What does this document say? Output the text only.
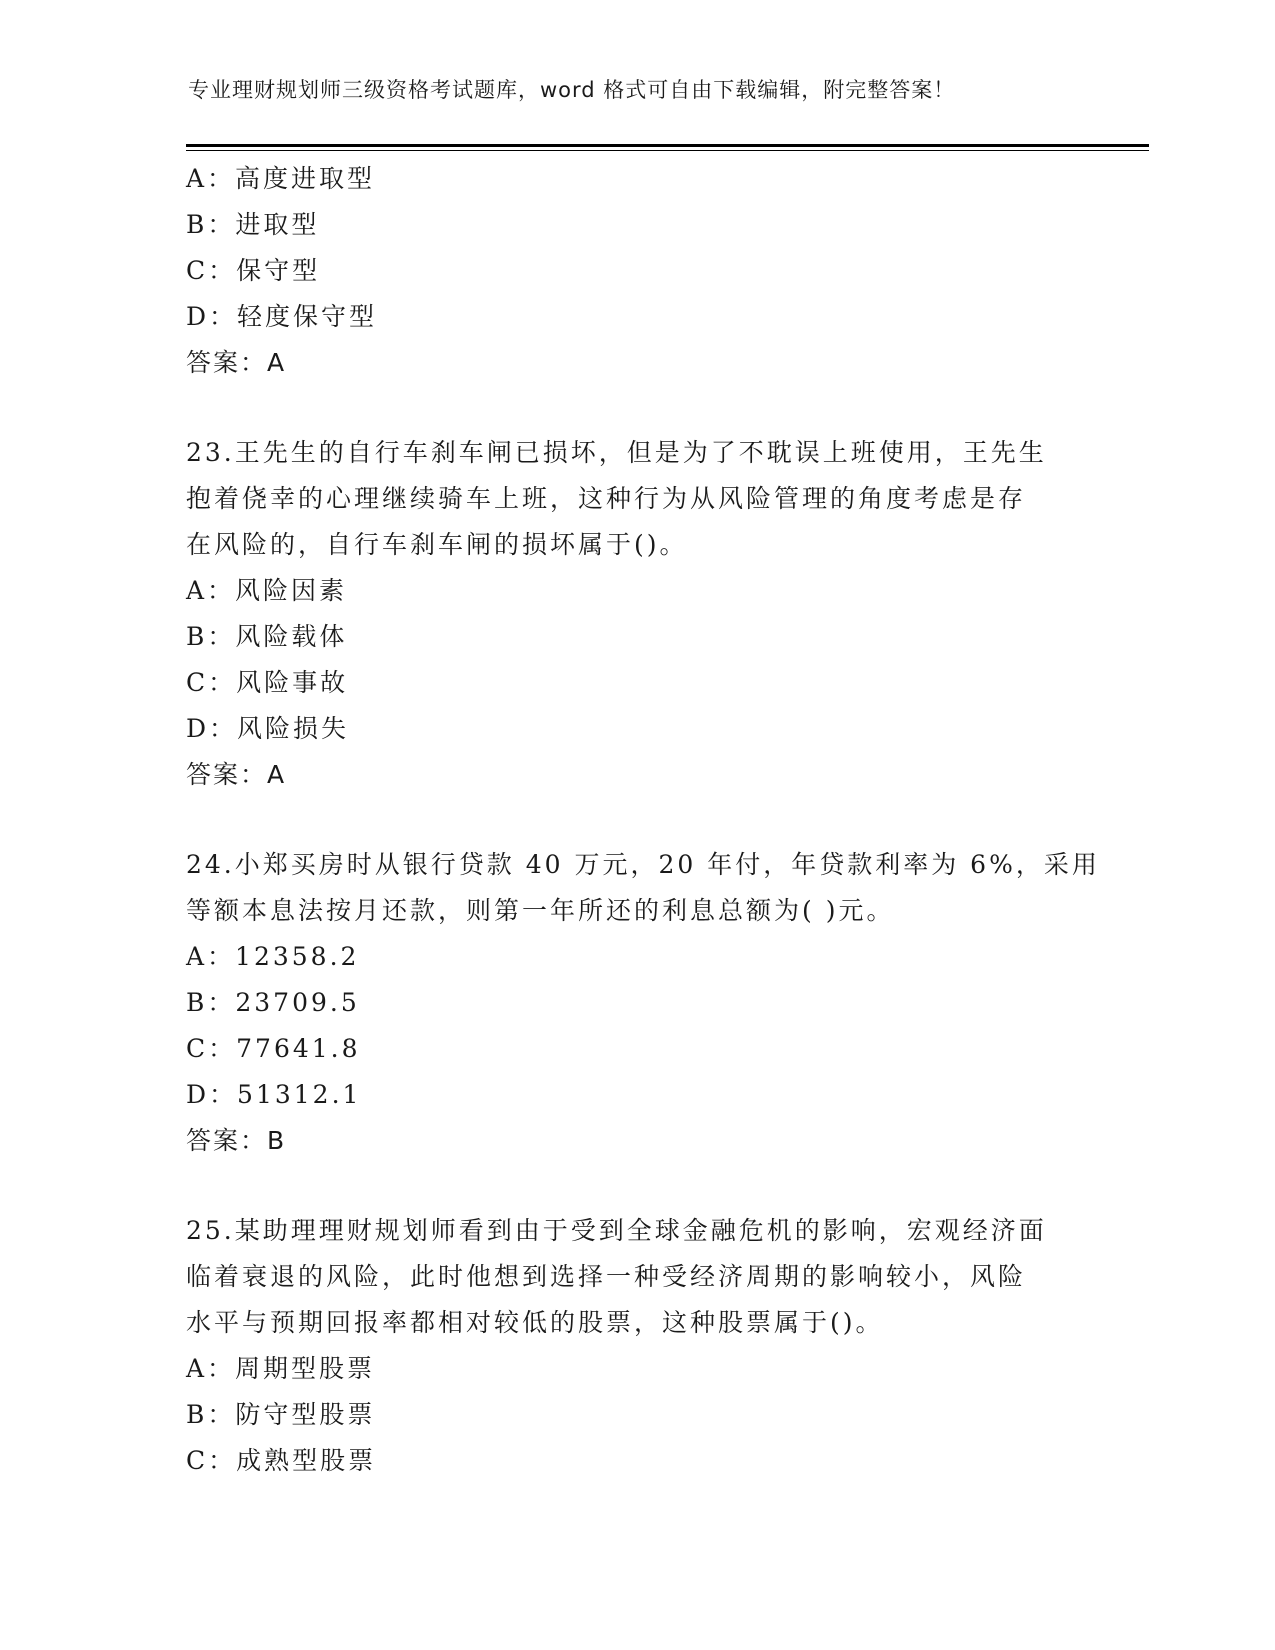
专业理财规划师三级资格考试题库，word 格式可自由下载编辑，附完整答案！
A：高度进取型
B：进取型
C：保守型
D：轻度保守型
答案：A
23.王先生的自行车刹车闸已损坏，但是为了不耽误上班使用，王先生
抱着侥幸的心理继续骑车上班，这种行为从风险管理的角度考虑是存
在风险的，自行车刹车闸的损坏属于()。
A：风险因素
B：风险载体
C：风险事故
D：风险损失
答案：A
24.小郑买房时从银行贷款 40 万元，20 年付，年贷款利率为 6%，采用
等额本息法按月还款，则第一年所还的利息总额为( )元。
A：12358.2
B：23709.5
C：77641.8
D：51312.1
答案：B
25.某助理理财规划师看到由于受到全球金融危机的影响，宏观经济面
临着衰退的风险，此时他想到选择一种受经济周期的影响较小，风险
水平与预期回报率都相对较低的股票，这种股票属于()。
A：周期型股票
B：防守型股票
C：成熟型股票
